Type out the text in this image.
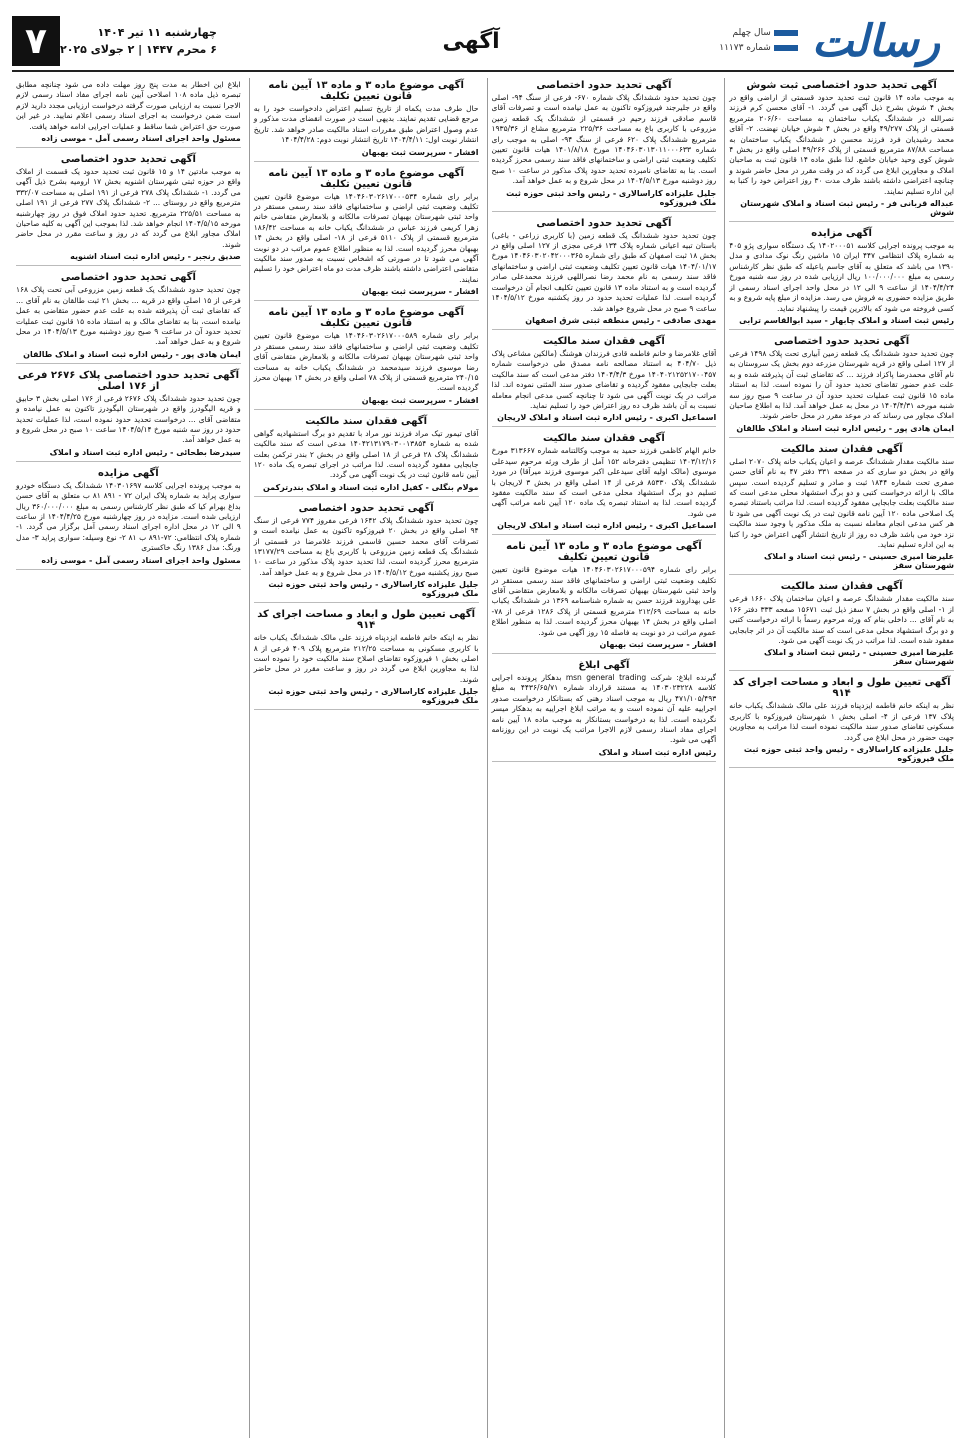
رسالت
سال چهلم
شماره ۱۱۱۷۳
آگهی
چهارشنبه ۱۱ تیر ۱۴۰۴
۶ محرم ۱۴۴۷ | ۲ جولای ۲۰۲۵
۷
آگهی تحدید حدود اختصاصی ثبت شوش

به موجب ماده ۱۴ قانون ثبت تحدید حدود قسمتی از اراضی واقع در بخش ۴ شوش بشرح ذیل آگهی می گردد. ۱- آقای محسن کرم فرزند نصرالله در ششدانگ یکباب ساختمان به مساحت ۲۰۶/۶۰ مترمربع قسمتی از پلاک ۴۹/۲۷۷ واقع در بخش ۴ شوش خیابان نهضت. ۲- آقای محمد رشیدیان فرد فرزند محسن در ششدانگ یکباب ساختمان به مساحت ۸۷/۸۸ مترمربع قسمتی از پلاک ۴۹/۲۶۶ اصلی واقع در بخش ۴ شوش کوی وحید خیابان خاشع. لذا طبق ماده ۱۴ قانون ثبت به صاحبان املاک و مجاورین ابلاغ می گردد که در وقت مقرر در محل حاضر شوند و چنانچه اعتراضی داشته باشند ظرف مدت ۳۰ روز اعتراض خود را کتبا به این اداره تسلیم نمایند.

عبداله قربانی فر - رئیس ثبت اسناد و املاک شهرستان شوش
آگهی مزایده

به موجب پرونده اجرایی کلاسه ۱۴۰۲۰۰۰۵۱ یک دستگاه سواری پژو ۴۰۵ به شماره پلاک انتظامی ۴۴۷ ایران ۱۵ ماشین رنگ نوک مدادی و مدل ۱۳۹۰ می باشد که متعلق به آقای جاسم یاعیله که طبق نظر کارشناس رسمی به مبلغ ۱۰۰/۰۰۰/۰۰۰ ریال ارزیابی شده در روز سه شنبه مورخ ۱۴۰۴/۴/۲۴ از ساعت ۹ الی ۱۲ در محل واحد اجرای اسناد رسمی از طریق مزایده حضوری به فروش می رسد. مزایده از مبلغ پایه شروع و به کسی فروخته می شود که بالاترین قیمت را پیشنهاد نماید.

رئیس ثبت اسناد و املاک چابهار - سید ابوالقاسم ترابی
آگهی تحدید حدود اختصاصی

چون تحدید حدود ششدانگ یک قطعه زمین آبیاری تحت پلاک ۱۴۹۸ فرعی از ۱۲۷ اصلی واقع در قریه شهرستان مزرعه دوم بخش یک سروستان به نام آقای محمدرضا پاکزاد فرزند ... که تقاضای ثبت آن پذیرفته شده و به علت عدم حضور تقاضای تحدید حدود آن را نموده است. لذا به استناد ماده ۱۵ قانون ثبت عملیات تحدید حدود آن در ساعت ۹ صبح روز سه شنبه مورخه ۱۴۰۴/۴/۳۱ در محل به عمل خواهد آمد. لذا به اطلاع صاحبان املاک مجاور می رساند که در موعد مقرر در محل حاضر شوند.

ایمان هادی پور - رئیس اداره ثبت اسناد و املاک طالقان
آگهی فقدان سند مالکیت

سند مالکیت مقدار ششدانگ عرصه و اعیان یکباب خانه پلاک ۲۰۷۰ اصلی واقع در بخش دو ساری که در صفحه ۳۳۱ دفتر ۴۷ به نام آقای حسن صفری تحت شماره ۱۸۴۴ ثبت و صادر و تسلیم گردیده است. سپس مالک با ارائه درخواست کتبی و دو برگ استشهاد محلی مدعی است که سند مالکیت بعلت جابجایی مفقود گردیده است. لذا مراتب باستناد تبصره یک اصلاحی ماده ۱۲۰ آیین نامه قانون ثبت در یک نوبت آگهی می شود تا هر کس مدعی انجام معامله نسبت به ملک مذکور یا وجود سند مالکیت نزد خود می باشد ظرف ده روز از تاریخ انتشار آگهی اعتراض خود را کتبا به این اداره تسلیم نماید.

علیرضا امیری حسینی - رئیس ثبت اسناد و املاک شهرستان سقز
آگهی فقدان سند مالکیت

سند مالکیت مقدار ششدانگ عرصه و اعیان ساختمان پلاک ۱۶۶۰ فرعی از ۱- اصلی واقع در بخش ۷ سقز ذیل ثبت ۱۵۶۷۱ صفحه ۳۳۳ دفتر ۱۶۶ به نام آقای ... داخلی بنام که ورثه مرحوم رسماً با ارائه درخواست کتبی و دو برگ استشهاد محلی مدعی است که سند مالکیت آن در اثر جابجایی مفقود شده است. لذا مراتب در یک نوبت آگهی می شود.

علیرضا امیری حسینی - رئیس ثبت اسناد و املاک شهرستان سقز
آگهی تعیین طول و ابعاد و مساحت اجرای کد ۹۱۴

نظر به اینکه خانم فاطمه ایزدپناه فرزند علی مالک ششدانگ یکباب خانه پلاک ۱۳۷ فرعی از ۴- اصلی بخش ۱ شهرستان فیروزکوه با کاربری مسکونی تقاضای صدور سند مالکیت نموده است لذا مراتب به مجاورین جهت حضور در محل ابلاغ می گردد.

جلیل علیزاده کاراسالاری - رئیس واحد ثبتی حوزه ثبت ملک فیروزکوه
آگهی تحدید حدود اختصاصی

چون تحدید حدود ششدانگ پلاک شماره ۶۷۰- فرعی از سنگ ۹۴- اصلی واقع در جلیرجند فیروزکوه تاکنون به عمل نیامده است و تصرفات آقای قاسم صادقی فرزند رحیم در قسمتی از ششدانگ یک قطعه زمین مزروعی با کاربری باغ به مساحت ۲۲۵/۳۶ مترمربع مشاع از ۱۹۳۵/۳۶ مترمربع ششدانگ پلاک ۶۲۰ فرعی از سنگ ۹۴- اصلی به موجب رای شماره ۱۴۰۴۶۰۳۰۱۳۰۱۱۰۰۰۶۳۳ مورخ ۱۴۰۱/۸/۱۸ هیات قانون تعیین تکلیف وضعیت ثبتی اراضی و ساختمانهای فاقد سند رسمی محرز گردیده است. بنا به تقاضای نامبرده تحدید حدود پلاک مذکور در ساعت ۱۰ صبح روز دوشنبه مورخ ۱۴۰۴/۵/۱۳ در محل شروع و به عمل خواهد آمد.

جلیل علیزاده کاراسالاری - رئیس واحد ثبتی حوزه ثبت ملک فیروزکوه
آگهی تحدید حدود اختصاصی

چون تحدید حدود ششدانگ یک قطعه زمین (با کاربری زراعی - باغی) باستان تبیه اعیانی شماره پلاک ۱۳۴ فرعی مجزی از ۱۲۷ اصلی واقع در بخش ۱۸ ثبت اصفهان که طبق رای شماره ۱۴۰۴۶۰۳۰۲۰۴۲۰۰۰۳۶۵ مورخ ۱۴۰۴/۰۱/۱۷ هیات قانون تعیین تکلیف وضعیت ثبتی اراضی و ساختمانهای فاقد سند رسمی به نام محمد رضا نصراللهی فرزند محمدعلی صادر گردیده است و به استناد ماده ۱۳ قانون تعیین تکلیف انجام آن درخواست گردیده است. لذا عملیات تحدید حدود در روز یکشنبه مورخ ۱۴۰۴/۵/۱۲ ساعت ۹ صبح در محل شروع خواهد شد.

مهدی صادقی - رئیس منطقه ثبتی شرق اصفهان
آگهی فقدان سند مالکیت

آقای غلامرضا و خانم فاطمه قادی فرزندان هوشنگ (مالکین مشاعی پلاک ذیل ۴۰۴/۷۰ به استناد مصالحه نامه مصدق طی درخواست شماره ۱۴۰۴۰۲۱۲۵۲۱۷۰۰۴۵۷ مورخ ۱۴۰۴/۴/۳ دفتر مدعی است که سند مالکیت بعلت جابجایی مفقود گردیده و تقاضای صدور سند المثنی نموده اند. لذا مراتب در یک نوبت آگهی می شود تا چنانچه کسی مدعی انجام معامله نسبت به آن باشد ظرف ده روز اعتراض خود را تسلیم نماید.

اسماعیل اکبری - رئیس اداره ثبت اسناد و املاک لاریجان
آگهی فقدان سند مالکیت

خانم الهام کاظمی فرزند حمید به موجب وکالتنامه شماره ۳۱۳۶۶۷ مورخ ۱۴۰۳/۱۲/۱۶ تنظیمی دفترخانه ۱۵۲ آمل از طرف ورثه مرحوم سیدعلی موسوی (مالک اولیه آقای سیدعلی اکبر موسوی فرزند میرآقا) در مورد ششدانگ پلاک ۸۵۳۳۰ فرعی از ۱۴ اصلی واقع در بخش ۳ لاریجان با تسلیم دو برگ استشهاد محلی مدعی است که سند مالکیت مفقود گردیده است. لذا به استناد تبصره یک ماده ۱۲۰ آیین نامه مراتب آگهی می شود.

اسماعیل اکبری - رئیس اداره ثبت اسناد و املاک لاریجان
آگهی موضوع ماده ۳ و ماده ۱۳ آیین نامه قانون تعیین تکلیف

برابر رای شماره ۱۴۰۴۶۰۳۰۲۶۱۷۰۰۰۵۹۴ هیات موضوع قانون تعیین تکلیف وضعیت ثبتی اراضی و ساختمانهای فاقد سند رسمی مستقر در واحد ثبتی شهرستان بهبهان تصرفات مالکانه و بلامعارض متقاضی آقای علی بهداروند فرزند حسن به شماره شناسنامه ۱۳۶۹ در ششدانگ یکباب خانه به مساحت ۲۱۲/۶۹ مترمربع قسمتی از پلاک ۱۲۸۶ فرعی از ۷۸- اصلی واقع در بخش ۱۴ بهبهان محرز گردیده است. لذا به منظور اطلاع عموم مراتب در دو نوبت به فاصله ۱۵ روز آگهی می شود.

افشار - سرپرست ثبت بهبهان
آگهی ابلاغ

گیرنده ابلاغ: شرکت msn general trading بدهکار پرونده اجرایی کلاسه ۱۴۰۳۰۲۳۲۲۸ به مستند قرارداد شماره ۴۴۳۶/۶۵/۷۱ به مبلغ ۴۷۱/۱۰۵/۴۹۳ ریال به موجب اسناد رهنی که بستانکار درخواست صدور اجراییه علیه آن نموده است و به مراتب ابلاغ اجراییه به بدهکار میسر نگردیده است. لذا به درخواست بستانکار به موجب ماده ۱۸ آیین نامه اجرای مفاد اسناد رسمی لازم الاجرا مراتب یک نوبت در این روزنامه آگهی می شود.

رئیس اداره ثبت اسناد و املاک
آگهی موضوع ماده ۳ و ماده ۱۳ آیین نامه قانون تعیین تکلیف

حال طرف مدت یکماه از تاریخ تسلیم اعتراض دادخواست خود را به مرجع قضایی تقدیم نمایند. بدیهی است در صورت انقضای مدت مذکور و عدم وصول اعتراض طبق مقررات اسناد مالکیت صادر خواهد شد. تاریخ انتشار نوبت اول: ۱۴۰۴/۴/۱۱ تاریخ انتشار نوبت دوم: ۱۴۰۴/۴/۲۸

افشار - سرپرست ثبت بهبهان
آگهی موضوع ماده ۳ و ماده ۱۳ آیین نامه قانون تعیین تکلیف

برابر رای شماره ۱۴۰۴۶۰۳۰۲۶۱۷۰۰۰۵۳۴ هیات موضوع قانون تعیین تکلیف وضعیت ثبتی اراضی و ساختمانهای فاقد سند رسمی مستقر در واحد ثبتی شهرستان بهبهان تصرفات مالکانه و بلامعارض متقاضی خانم زهرا کریمی فرزند عباس در ششدانگ یکباب خانه به مساحت ۱۸۶/۴۲ مترمربع قسمتی از پلاک ۵۱۱۰ فرعی از ۱۸- اصلی واقع در بخش ۱۴ بهبهان محرز گردیده است. لذا به منظور اطلاع عموم مراتب در دو نوبت آگهی می شود تا در صورتی که اشخاص نسبت به صدور سند مالکیت متقاضی اعتراضی داشته باشند ظرف مدت دو ماه اعتراض خود را تسلیم نمایند.

افشار - سرپرست ثبت بهبهان
آگهی موضوع ماده ۳ و ماده ۱۳ آیین نامه قانون تعیین تکلیف

برابر رای شماره ۱۴۰۴۶۰۳۰۲۶۱۷۰۰۰۵۸۹ هیات موضوع قانون تعیین تکلیف وضعیت ثبتی اراضی و ساختمانهای فاقد سند رسمی مستقر در واحد ثبتی شهرستان بهبهان تصرفات مالکانه و بلامعارض متقاضی آقای رضا موسوی فرزند سیدمحمد در ششدانگ یکباب خانه به مساحت ۲۴۰/۱۵ مترمربع قسمتی از پلاک ۷۸ اصلی واقع در بخش ۱۴ بهبهان محرز گردیده است.

افشار - سرپرست ثبت بهبهان
آگهی فقدان سند مالکیت

آقای تیمور تیک مراد فرزند نور مراد با تقدیم دو برگ استشهادیه گواهی شده به شماره ۱۴۰۴۲۱۳۱۷۹۰۳۰۰۱۳۸۵۴ مدعی است که سند مالکیت ششدانگ پلاک ۲۸ فرعی از ۱۸ اصلی واقع در بخش ۲ بندر ترکمن بعلت جابجایی مفقود گردیده است. لذا مراتب در اجرای تبصره یک ماده ۱۲۰ آیین نامه قانون ثبت در یک نوبت آگهی می گردد.

مولام بنگلی - کفیل اداره ثبت اسناد و املاک بندرترکمن
آگهی تحدید حدود اختصاصی

چون تحدید حدود ششدانگ پلاک ۱۶۴۲ فرعی مفروز ۷۷۴ فرعی از سنگ ۹۴ اصلی واقع در بخش ۲۰ فیروزکوه تاکنون به عمل نیامده است و تصرفات آقای محمد حسین قاسمی فرزند غلامرضا در قسمتی از ششدانگ یک قطعه زمین مزروعی با کاربری باغ به مساحت ۱۳۱۷۷/۲۹ مترمربع محرز گردیده است، لذا تحدید حدود پلاک مذکور در ساعت ۱۰ صبح روز یکشنبه مورخ ۱۴۰۴/۵/۱۲ در محل شروع و به عمل خواهد آمد.

جلیل علیزاده کاراسالاری - رئیس واحد ثبتی حوزه ثبت ملک فیروزکوه
آگهی تعیین طول و ابعاد و مساحت اجرای کد ۹۱۴

نظر به اینکه خانم فاطمه ایزدپناه فرزند علی مالک ششدانگ یکباب خانه با کاربری مسکونی به مساحت ۲۱۲/۲۵ مترمربع پلاک ۴۰۹ فرعی از ۸ اصلی بخش ۱ فیروزکوه تقاضای اصلاح سند مالکیت خود را نموده است لذا به مجاورین ابلاغ می گردد در روز و ساعت مقرر در محل حاضر شوند.

جلیل علیزاده کاراسالاری - رئیس واحد ثبتی حوزه ثبت ملک فیروزکوه

ابلاغ این اخطار به مدت پنج روز مهلت داده می شود چنانچه مطابق تبصره ذیل ماده ۱۰۸ اصلاحی آیین نامه اجرای مفاد اسناد رسمی لازم الاجرا نسبت به ارزیابی صورت گرفته درخواست ارزیابی مجدد دارید لازم است ضمن درخواست به اجرای اسناد رسمی اعلام نمایید. در غیر این صورت حق اعتراض شما ساقط و عملیات اجرایی ادامه خواهد یافت.

مسئول واحد اجرای اسناد رسمی آمل - موسی زاده
آگهی تحدید حدود اختصاصی

به موجب مادتین ۱۴ و ۱۵ قانون ثبت تحدید حدود یک قسمت از املاک واقع در حوزه ثبتی شهرستان اشنویه بخش ۱۷ ارومیه بشرح ذیل آگهی می گردد. ۱- ششدانگ پلاک ۲۷۸ فرعی از ۱۹۱ اصلی به مساحت ۳۳۲/۰۷ مترمربع واقع در روستای ... ۲- ششدانگ پلاک ۲۷۷ فرعی از ۱۹۱ اصلی به مساحت ۲۲۵/۵۱ مترمربع. تحدید حدود املاک فوق در روز چهارشنبه مورخه ۱۴۰۴/۵/۱۵ انجام خواهد شد. لذا بموجب این آگهی به کلیه صاحبان املاک مجاور ابلاغ می گردد که در روز و ساعت مقرر در محل حاضر شوند.

صدیق رنجبر - رئیس اداره ثبت اسناد اشنویه
آگهی تحدید حدود اختصاصی

چون تحدید حدود ششدانگ یک قطعه زمین مزروعی آبی تحت پلاک ۱۶۸ فرعی از ۱۵ اصلی واقع در قریه ... بخش ۲۱ ثبت طالقان به نام آقای ... که تقاضای ثبت آن پذیرفته شده به علت عدم حضور متقاضی به عمل نیامده است، بنا به تقاضای مالک و به استناد ماده ۱۵ قانون ثبت عملیات تحدید حدود آن در ساعت ۹ صبح روز دوشنبه مورخ ۱۴۰۴/۵/۱۳ در محل شروع و به عمل خواهد آمد.

ایمان هادی پور - رئیس اداره ثبت اسناد و املاک طالقان
آگهی تحدید حدود اختصاصی پلاک ۲۶۷۶ فرعی از ۱۷۶ اصلی

چون تحدید حدود ششدانگ پلاک ۲۶۷۶ فرعی از ۱۷۶ اصلی بخش ۳ حابیق و قریه الیگودرز واقع در شهرستان الیگودرز تاکنون به عمل نیامده و متقاضی آقای ... درخواست تحدید حدود نموده است، لذا عملیات تحدید حدود در روز سه شنبه مورخ ۱۴۰۴/۵/۱۴ ساعت ۱۰ صبح در محل شروع و به عمل خواهد آمد.

سیدرضا بطحائی - رئیس اداره ثبت اسناد و املاک
آگهی مزایده

به موجب پرونده اجرایی کلاسه ۱۴۰۳۰۱۶۹۷ ششدانگ یک دستگاه خودرو سواری پراید به شماره پلاک ایران ۷۲ - ۸۹۱ ۸۱ ب متعلق به آقای حسن بداغ بهرام کیا که طبق نظر کارشناس رسمی به مبلغ ۳۶۰/۰۰۰/۰۰۰ ریال ارزیابی شده است. مزایده در روز چهارشنبه مورخ ۱۴۰۴/۴/۲۵ از ساعت ۹ الی ۱۲ در محل اداره اجرای اسناد رسمی آمل برگزار می گردد. ۱- شماره پلاک انتظامی: ۷۲-۸۹۱ ب ۸۱ ۲- نوع وسیله: سواری پراید ۳- مدل ورنگ: مدل ۱۳۸۶ رنگ خاکستری

مسئول واحد اجرای اسناد رسمی آمل - موسی زاده
